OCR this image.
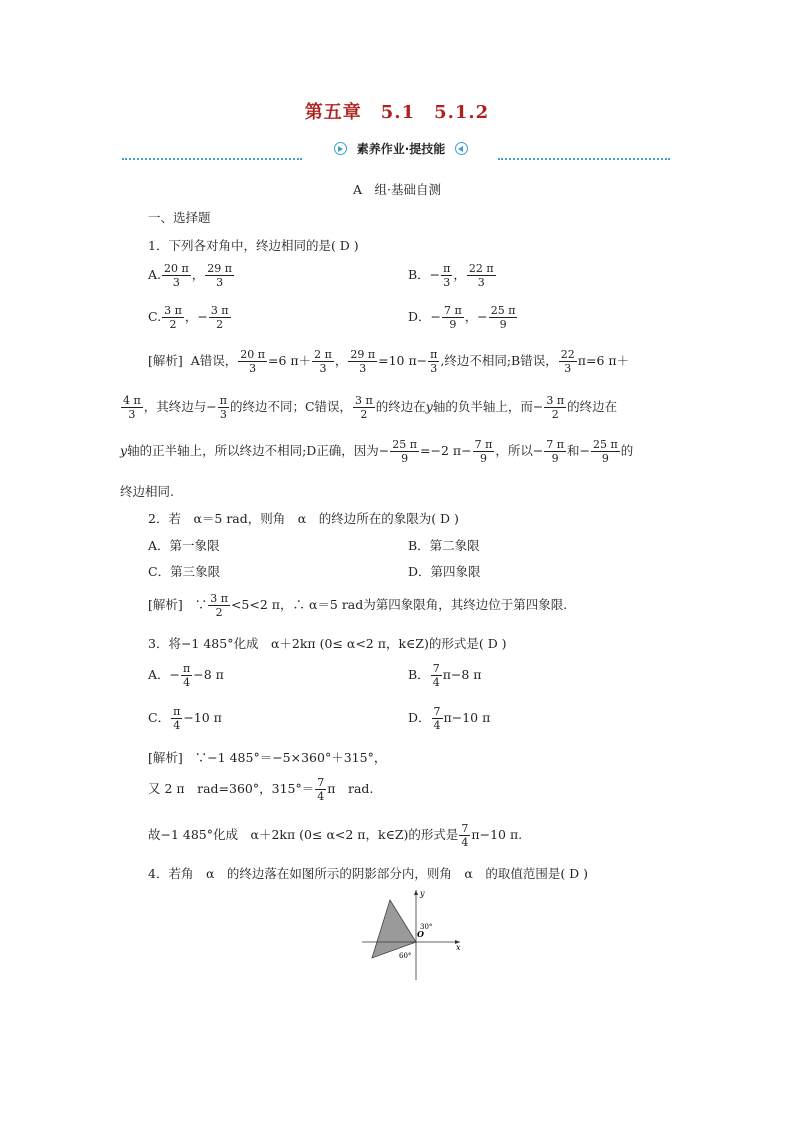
第五章　5.1　5.1.2
素养作业·提技能
A　组·基础自测
一、选择题
1．下列各对角中，终边相同的是( D )
A. $\frac{20 \pi}{3}$ ， $\frac{29 \pi}{3}$	B．− $\frac{\pi}{3}$ ， $\frac{22 \pi}{3}$
C. $\frac{3 \pi}{2}$ ，− $\frac{3 \pi}{2}$	D．− $\frac{7 \pi}{9}$ ，− $\frac{25 \pi}{9}$
[解析] A错误， $\frac{20 \pi}{3} =6$ $\pi+ \frac{2 \pi}{3}$ ， $\frac{29 \pi}{3} =10$ $\pi- \frac{\pi}{3}$ ,终边不相同;B错误， $\frac{22}{3} \pi=6$ π＋
$\frac{4 \pi}{3}$ ，其终边与− $\frac{\pi}{3}$ 的终边不同；C错误， $\frac{3 \pi}{2}$ 的终边在y轴的负半轴上，而− $\frac{3 \pi}{2}$ 的终边在
y轴的正半轴上，所以终边不相同;D正确，因为− $\frac{25 \pi}{9} =-2$ $\pi- \frac{7 \pi}{9}$ ，所以− $\frac{7 \pi}{9}$ 和− $\frac{25 \pi}{9}$ 的
终边相同.
2．若　α＝5 rad，则角　α　的终边所在的象限为( D )
A．第一象限	B．第二象限
C．第三象限	D．第四象限
[解析] ∵ $\frac{3 \pi}{2} <5<2$ π，∴ α＝5 rad为第四象限角，其终边位于第四象限.
3．将−1 485°化成　α＋2kπ (0≤ α<2 π，k∈Z)的形式是( D )
A．− $\frac{\pi}{4} -8$ π	B． $\frac{7}{4} \pi-8$ π
C． $\frac{\pi}{4} -10$ π	D． $\frac{7}{4} \pi-10$ π
[解析] ∵−1 485°＝−5×360°＋315°，
又 2 π　rad=360°，$315^\circ= \frac{7}{4}$ π　rad.
故−1 485°化成　α＋2kπ (0≤ α<2 π，k∈Z)的形式是 $\frac{7}{4} \pi-10$ π.
4．若角　α　的终边落在如图所示的阴影部分内，则角　α　的取值范围是( D )
y
x
O
30°
60°
